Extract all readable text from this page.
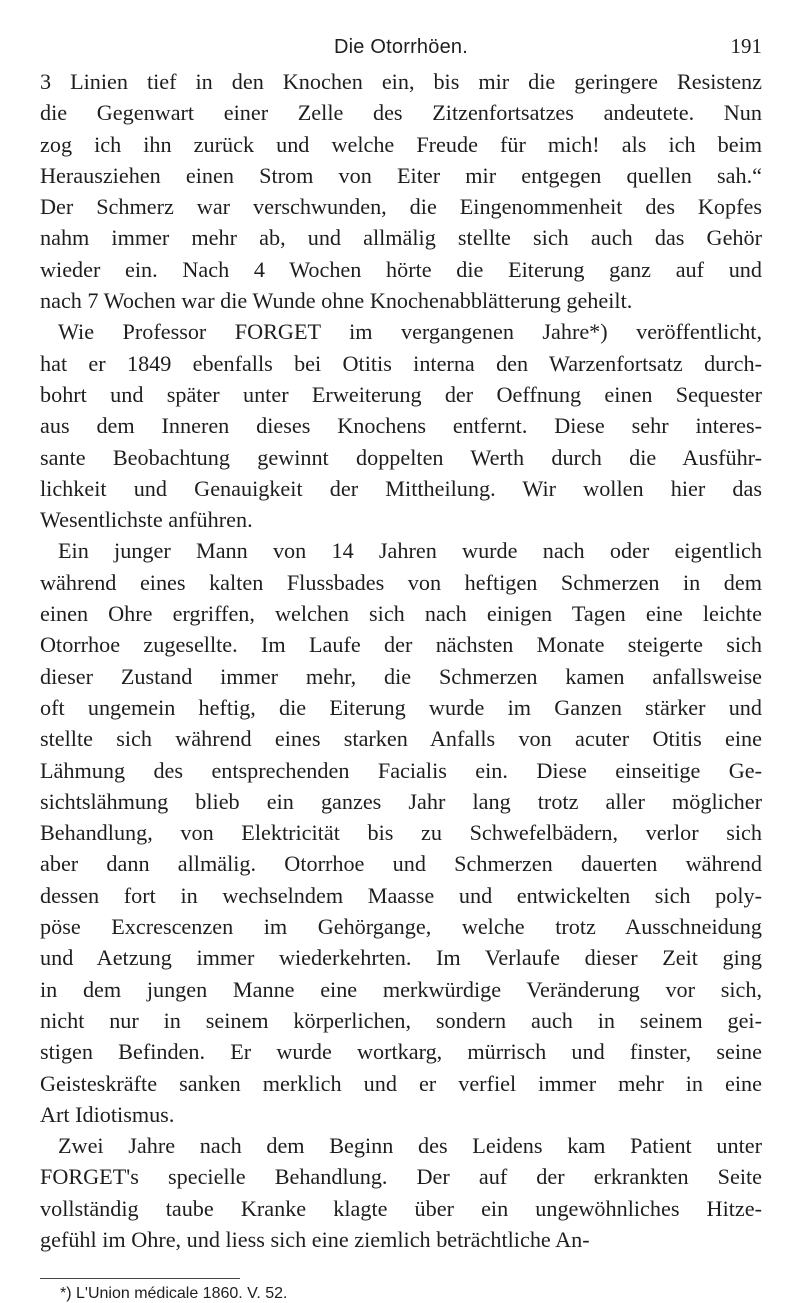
Die Otorrhöen.	191
3 Linien tief in den Knochen ein, bis mir die geringere Resistenz
die Gegenwart einer Zelle des Zitzenfortsatzes andeutete. Nun
zog ich ihn zurück und welche Freude für mich! als ich beim
Herausziehen einen Strom von Eiter mir entgegen quellen sah.“
Der Schmerz war verschwunden, die Eingenommenheit des Kopfes
nahm immer mehr ab, und allmälig stellte sich auch das Gehör
wieder ein. Nach 4 Wochen hörte die Eiterung ganz auf und
nach 7 Wochen war die Wunde ohne Knochenabblätterung geheilt.
Wie Professor FORGET im vergangenen Jahre*) veröffentlicht,
hat er 1849 ebenfalls bei Otitis interna den Warzenfortsatz durch-
bohrt und später unter Erweiterung der Oeffnung einen Sequester
aus dem Inneren dieses Knochens entfernt. Diese sehr interes-
sante Beobachtung gewinnt doppelten Werth durch die Ausführ-
lichkeit und Genauigkeit der Mittheilung. Wir wollen hier das
Wesentlichste anführen.
Ein junger Mann von 14 Jahren wurde nach oder eigentlich
während eines kalten Flussbades von heftigen Schmerzen in dem
einen Ohre ergriffen, welchen sich nach einigen Tagen eine leichte
Otorrhoe zugesellte. Im Laufe der nächsten Monate steigerte sich
dieser Zustand immer mehr, die Schmerzen kamen anfallsweise
oft ungemein heftig, die Eiterung wurde im Ganzen stärker und
stellte sich während eines starken Anfalls von acuter Otitis eine
Lähmung des entsprechenden Facialis ein. Diese einseitige Ge-
sichtslähmung blieb ein ganzes Jahr lang trotz aller möglicher
Behandlung, von Elektricität bis zu Schwefelbädern, verlor sich
aber dann allmälig. Otorrhoe und Schmerzen dauerten während
dessen fort in wechselndem Maasse und entwickelten sich poly-
pöse Excrescenzen im Gehörgange, welche trotz Ausschneidung
und Aetzung immer wiederkehrten. Im Verlaufe dieser Zeit ging
in dem jungen Manne eine merkwürdige Veränderung vor sich,
nicht nur in seinem körperlichen, sondern auch in seinem gei-
stigen Befinden. Er wurde wortkarg, mürrisch und finster, seine
Geisteskräfte sanken merklich und er verfiel immer mehr in eine
Art Idiotismus.
Zwei Jahre nach dem Beginn des Leidens kam Patient unter
FORGET's specielle Behandlung. Der auf der erkrankten Seite
vollständig taube Kranke klagte über ein ungewöhnliches Hitze-
gefühl im Ohre, und liess sich eine ziemlich beträchtliche An-
*) L'Union médicale 1860. V. 52.
